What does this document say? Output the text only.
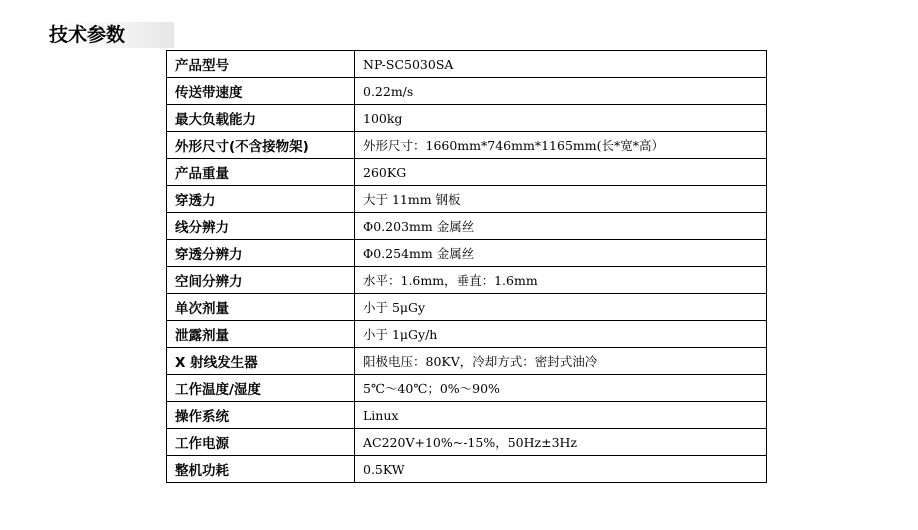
技术参数
产品型号	NP-SC5030SA
传送带速度	0.22m/s
最大负载能力	100kg
外形尺寸(不含接物架)	外形尺寸：1660mm*746mm*1165mm(长*宽*高）
产品重量	260KG
穿透力	大于 11mm 钢板
线分辨力	Φ0.203mm 金属丝
穿透分辨力	Φ0.254mm 金属丝
空间分辨力	水平：1.6mm，垂直：1.6mm
单次剂量	小于 5μGy
泄露剂量	小于 1μGy/h
X 射线发生器	阳极电压：80KV，冷却方式：密封式油冷
工作温度/湿度	5℃～40℃；0%～90%
操作系统	Linux
工作电源	AC220V+10%~-15%，50Hz±3Hz
整机功耗	0.5KW
